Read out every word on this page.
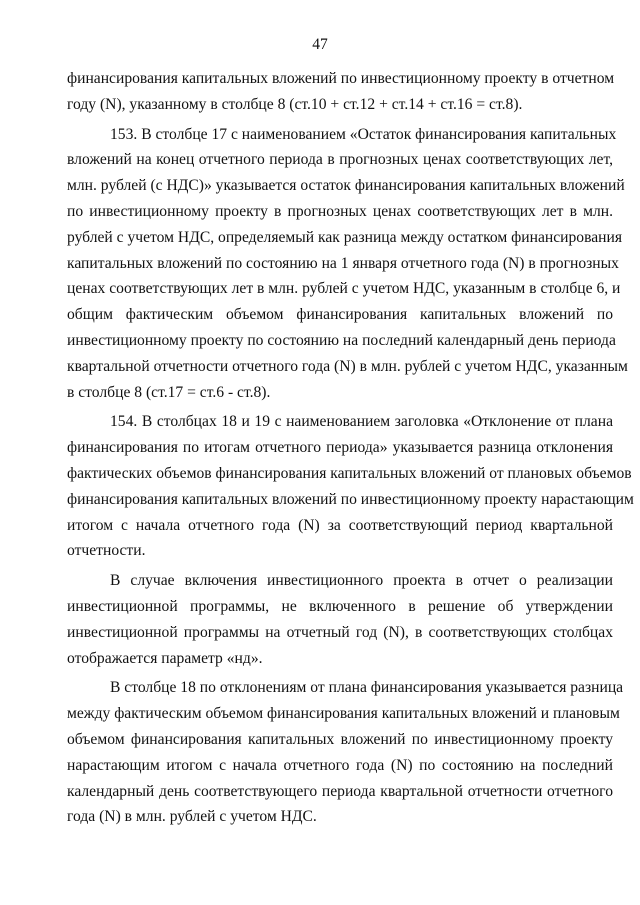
47
финансирования капитальных вложений по инвестиционному проекту в отчетном
году (N), указанному в столбце 8 (ст.10 + ст.12 + ст.14 + ст.16 = ст.8).
153. В столбце 17 с наименованием «Остаток финансирования капитальных
вложений на конец отчетного периода в прогнозных ценах соответствующих лет,
млн. рублей (с НДС)» указывается остаток финансирования капитальных вложений
по инвестиционному проекту в прогнозных ценах соответствующих лет в млн.
рублей с учетом НДС, определяемый как разница между остатком финансирования
капитальных вложений по состоянию на 1 января отчетного года (N) в прогнозных
ценах соответствующих лет в млн. рублей с учетом НДС, указанным в столбце 6, и
общим фактическим объемом финансирования капитальных вложений по
инвестиционному проекту по состоянию на последний календарный день периода
квартальной отчетности отчетного года (N) в млн. рублей с учетом НДС, указанным
в столбце 8 (ст.17 = ст.6 - ст.8).
154. В столбцах 18 и 19 с наименованием заголовка «Отклонение от плана
финансирования по итогам отчетного периода» указывается разница отклонения
фактических объемов финансирования капитальных вложений от плановых объемов
финансирования капитальных вложений по инвестиционному проекту нарастающим
итогом с начала отчетного года (N) за соответствующий период квартальной
отчетности.
В случае включения инвестиционного проекта в отчет о реализации
инвестиционной программы, не включенного в решение об утверждении
инвестиционной программы на отчетный год (N), в соответствующих столбцах
отображается параметр «нд».
В столбце 18 по отклонениям от плана финансирования указывается разница
между фактическим объемом финансирования капитальных вложений и плановым
объемом финансирования капитальных вложений по инвестиционному проекту
нарастающим итогом с начала отчетного года (N) по состоянию на последний
календарный день соответствующего периода квартальной отчетности отчетного
года (N) в млн. рублей с учетом НДС.
